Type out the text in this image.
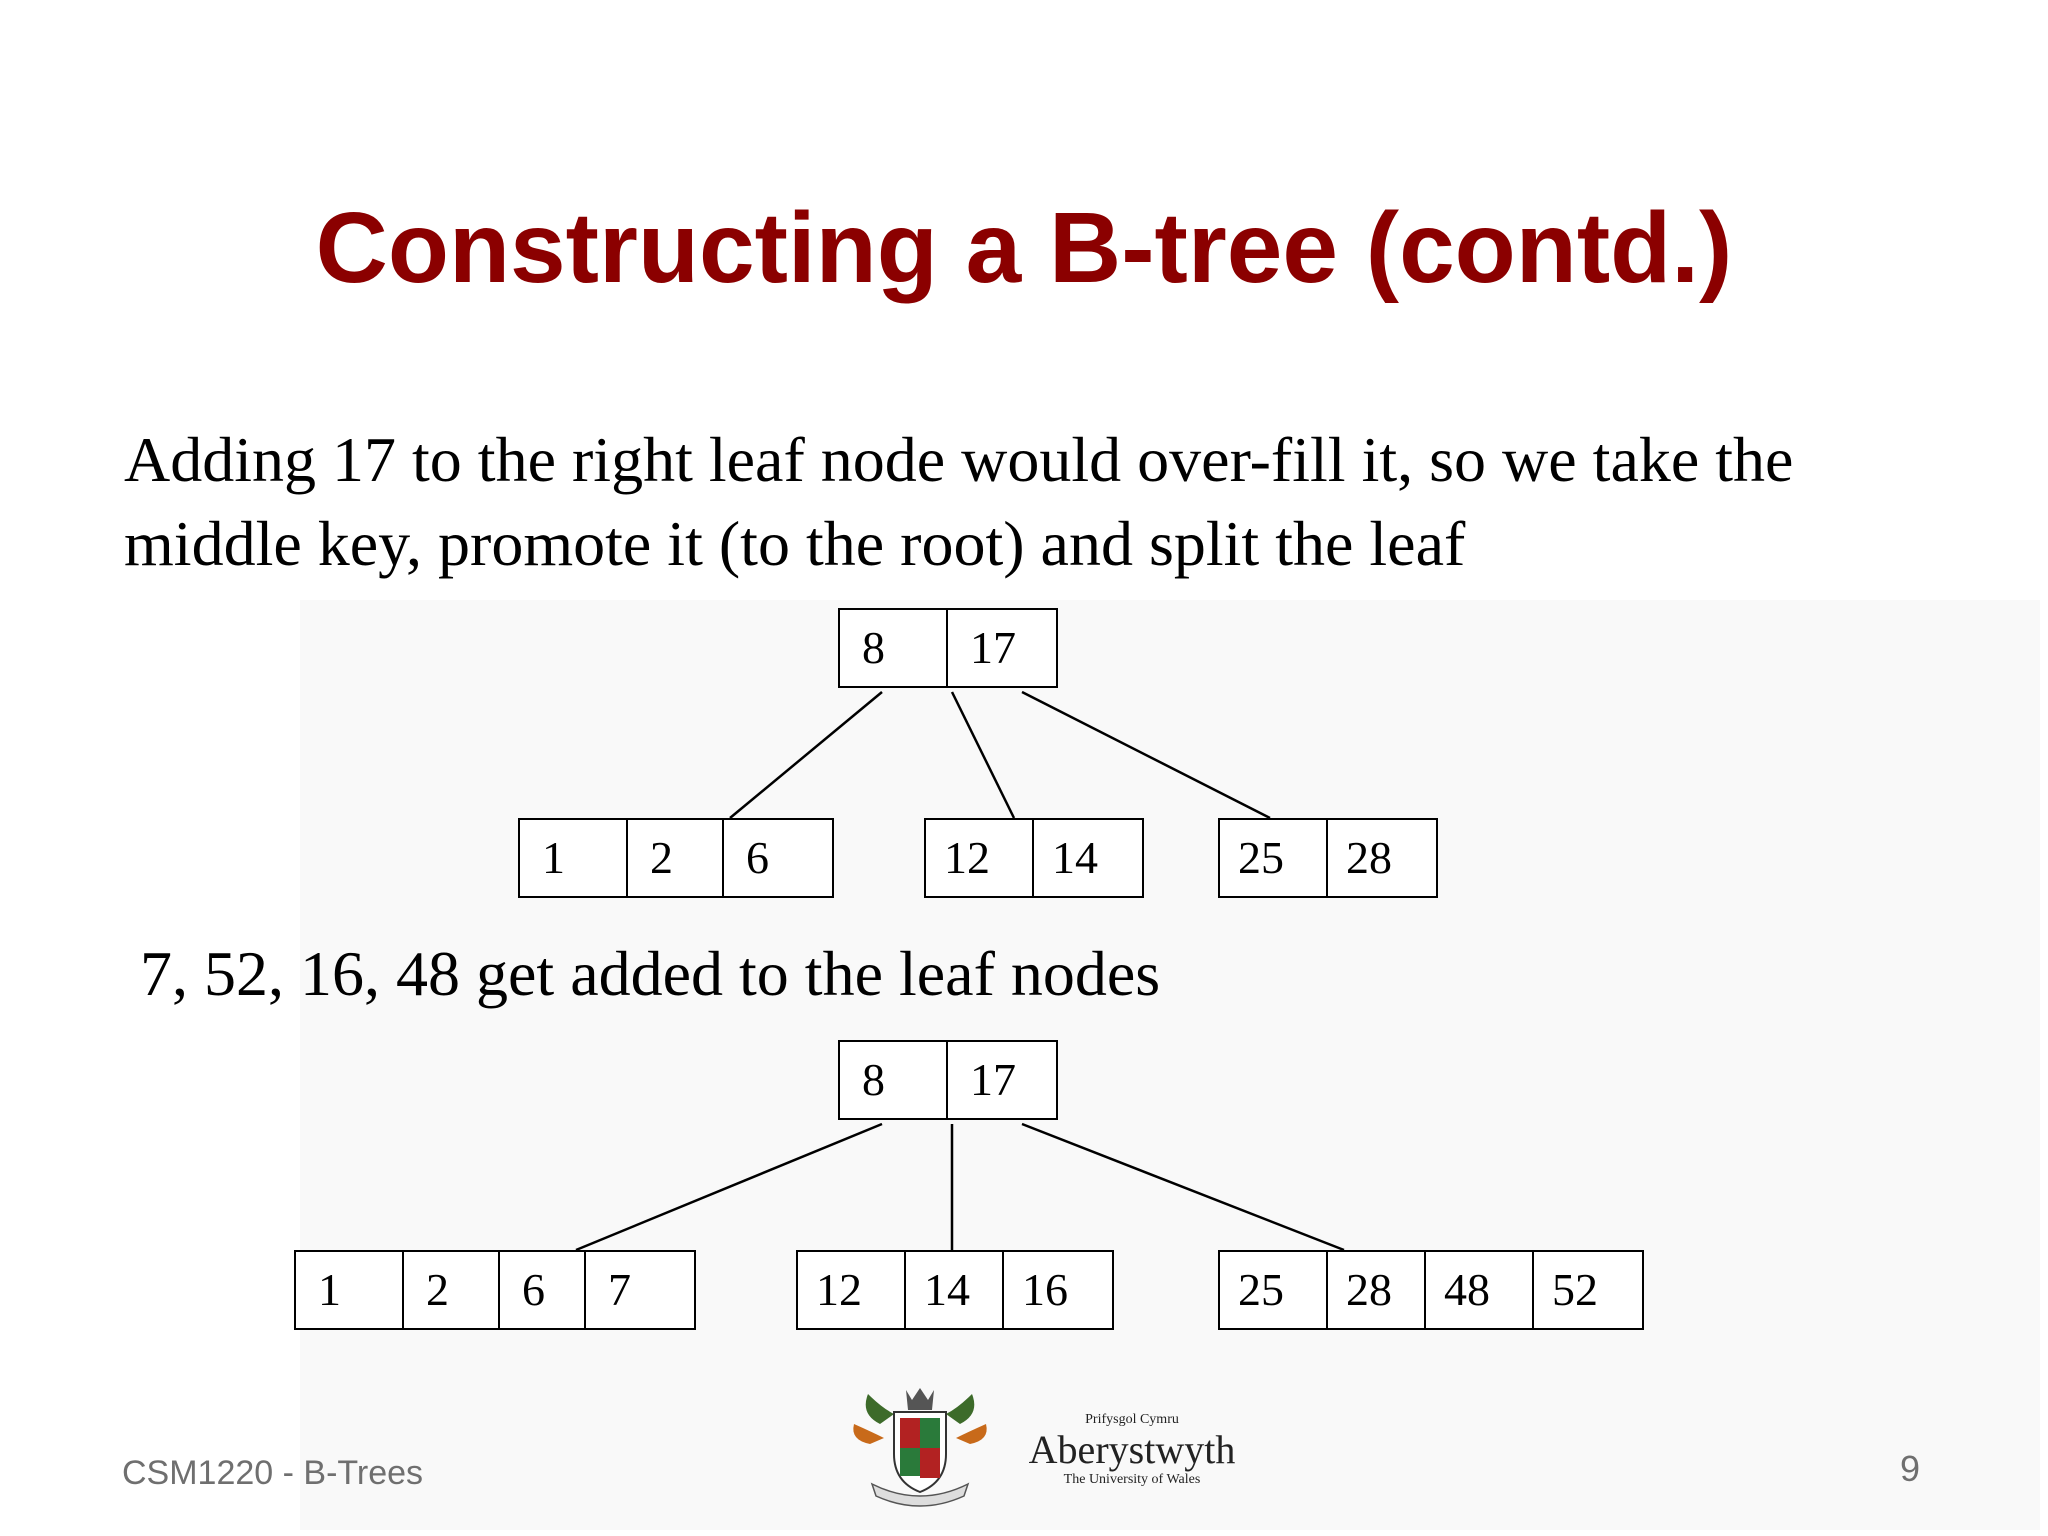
Constructing a B-tree (contd.)
Adding 17 to the right leaf node would over-fill it, so we take the middle key, promote it (to the root) and split the leaf
7, 52, 16, 48 get added to the leaf nodes
8	17
1	2	6	12	14	25	28
8	17
1	2	6	7	12	14	16	25	28	48	52
CSM1220 - B-Trees	9
Prifysgol Cymru
Aberystwyth
The University of Wales
